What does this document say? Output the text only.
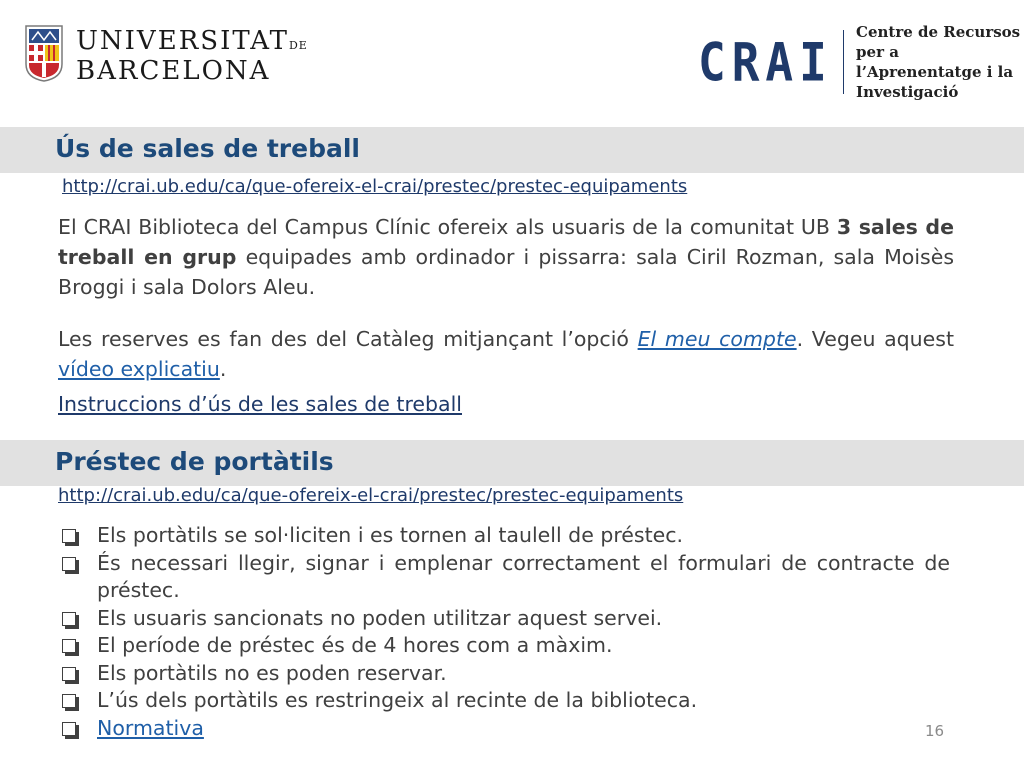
UNIVERSITATDE
BARCELONA	CRAI Centre de Recursos per a
l’Aprenentatge i la Investigació
Ús de sales de treball
http://crai.ub.edu/ca/que-ofereix-el-crai/prestec/prestec-equipaments
El CRAI Biblioteca del Campus Clínic ofereix als usuaris de la comunitat UB 3 sales de treball en grup equipades amb ordinador i pissarra: sala Ciril Rozman, sala Moisès Broggi i sala Dolors Aleu.
Les reserves es fan des del Catàleg mitjançant l’opció El meu compte. Vegeu aquest vídeo explicatiu.
Instruccions d’ús de les sales de treball
Préstec de portàtils
http://crai.ub.edu/ca/que-ofereix-el-crai/prestec/prestec-equipaments
Els portàtils se sol·liciten i es tornen al taulell de préstec.
És necessari llegir, signar i emplenar correctament el formulari de contracte de préstec.
Els usuaris sancionats no poden utilitzar aquest servei.
El període de préstec és de 4 hores com a màxim.
Els portàtils no es poden reservar.
L’ús dels portàtils es restringeix al recinte de la biblioteca.
Normativa	16
